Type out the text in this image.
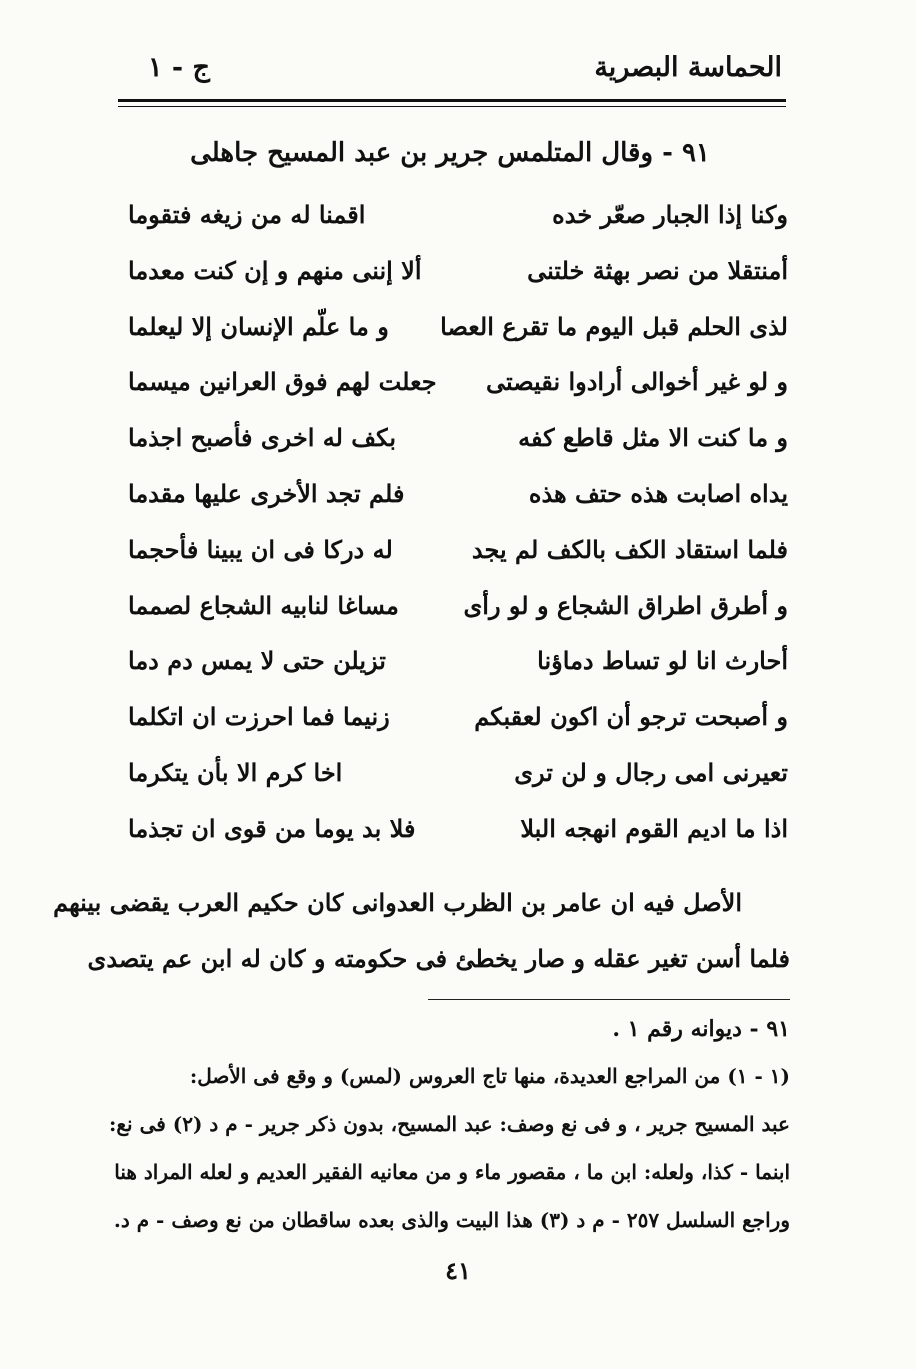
الحماسة البصرية
ج - ١
٩١ - وقال المتلمس جرير بن عبد المسيح جاهلى
وكنا إذا الجبار صعّر خده
اقمنا له من زيغه فتقوما
أمنتقلا من نصر بهثة خلتنى
ألا إننى منهم و إن كنت معدما
لذى الحلم قبل اليوم ما تقرع العصا
و ما علّم الإنسان إلا ليعلما
و لو غير أخوالى أرادوا نقيصتى
جعلت لهم فوق العرانين ميسما
و ما كنت الا مثل قاطع كفه
بكف له اخرى فأصبح اجذما
يداه اصابت هذه حتف هذه
فلم تجد الأخرى عليها مقدما
فلما استقاد الكف بالكف لم يجد
له دركا فى ان يبينا فأحجما
و أطرق اطراق الشجاع و لو رأى
مساغا لنابيه الشجاع لصمما
أحارث انا لو تساط دماؤنا
تزيلن حتى لا يمس دم دما
و أصبحت ترجو أن اكون لعقبكم
زنيما فما احرزت ان اتكلما
تعيرنى امى رجال و لن ترى
اخا كرم الا بأن يتكرما
اذا ما اديم القوم انهجه البلا
فلا بد يوما من قوى ان تجذما
الأصل فيه ان عامر بن الظرب العدوانى كان حكيم العرب يقضى بينهم
فلما أسن تغير عقله و صار يخطئ فى حكومته و كان له ابن عم يتصدى
٩١ - ديوانه رقم ١ .
(١ - ١) من المراجع العديدة، منها تاج العروس (لمس) و وقع فى الأصل:
عبد المسيح جرير ، و فى نع وصف: عبد المسيح، بدون ذكر جرير - م د (٢) فى نع:
ابنما - كذا، ولعله: ابن ما ، مقصور ماء و من معانيه الفقير العديم و لعله المراد هنا
وراجع السلسل ٢٥٧ - م د (٣) هذا البيت والذى بعده ساقطان من نع وصف - م د.
٤١
